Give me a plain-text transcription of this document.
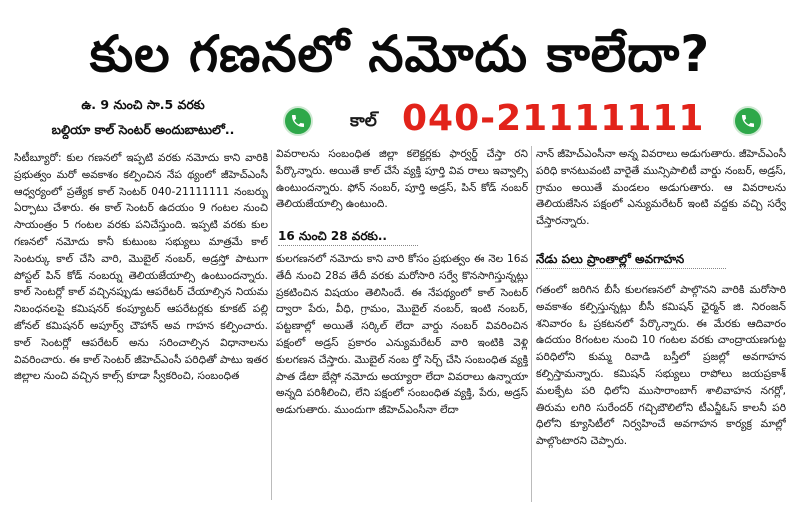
కుల గణనలో నమోదు కాలేదా?
ఉ. 9 నుంచి సా.5 వరకు
బల్దియా కాల్ సెంటర్ అందుబాటులో..	కాల్ 040-21111111

సిటీబ్యూరో: కుల గణనలో ఇప్పటి వరకు నమోదు కాని వారికి ప్రభుత్వం మరో అవకాశం కల్పించిన నేప థ్యంలో జీహెచ్ఎంసీ ఆధ్వర్యంలో ప్రత్యేక కాల్ సెంటర్ 040-21111111 నంబర్ను ఏర్పాటు చేశారు. ఈ కాల్ సెంటర్ ఉదయం 9 గంటల నుంచి సాయంత్రం 5 గంటల వరకు పనిచేస్తుంది. ఇప్పటి వరకు కుల గణనలో నమోదు కానీ కుటుంబ సభ్యులు మాత్రమే కాల్ సెంటర్కు కాల్ చేసి వారి, మొబైల్ నంబర్, అడ్రస్తో పాటుగా పోస్టల్ పిన్ కోడ్ నంబర్ను తెలియజేయాల్సి ఉంటుందన్నారు. కాల్ సెంటర్లో కాల్ వచ్చినప్పుడు ఆపరేటర్ చేయాల్సిన నియమ నిబంధనలపై కమిషనర్ కంప్యూటర్ ఆపరేటర్లకు కూకట్ పల్లి జోనల్ కమిషనర్ అపూర్వ్ చౌహాన్ అవ గాహన కల్పించారు. కాల్ సెంటర్లో ఆపరేటర్ అను సరించాల్సిన విధానాలను వివరించారు. ఈ కాల్ సెంటర్ జీహెచ్ఎంసీ పరిధితో పాటు ఇతర జిల్లాల నుంచి వచ్చిన కాల్స్ కూడా స్వీకరించి, సంబంధిత

వివరాలను సంబంధిత జిల్లా కలెక్టర్లకు ఫార్వర్డ్ చేస్తా రని పేర్కొన్నారు. అయితే కాల్ చేసే వ్యక్తి పూర్తి వివ రాలు ఇవ్వాల్సి ఉంటుందన్నారు. ఫోన్ నంబర్, పూర్తి అడ్రస్, పిన్ కోడ్ నంబర్ తెలియజేయాల్సి ఉంటుంది.

16 నుంచి 28 వరకు..

కులగణనలో నమోదు కాని వారి కోసం ప్రభుత్వం ఈ నెల 16వ తేదీ నుంచి 28వ తేదీ వరకు మరోసారి సర్వే కొనసాగిస్తున్నట్లు ప్రకటించిన విషయం తెలిసిందే. ఈ నేపథ్యంలో కాల్ సెంటర్ ద్వారా పేరు, వీధి, గ్రామం, మొబైల్ నంబర్, ఇంటి నంబర్, పట్టణాల్లో అయితే సర్కిల్ లేదా వార్డు నంబర్ వివరించిన పక్షంలో అడ్రస్ ప్రకారం ఎన్యుమరేటర్ వారి ఇంటికి వెళ్లి కులగణన చేస్తారు. మొబైల్ నంబ ర్తో సెర్చ్ చేసి సంబంధిత వ్యక్తి పాత డేటా బేస్లో నమోదు అయ్యారా లేదా వివరాలు ఉన్నాయా అన్నది పరిశీలించి, లేని పక్షంలో సంబంధిత వ్యక్తి, పేరు, అడ్రస్ అడుగుతారు. ముందుగా జీహెచ్ఎంసీనా లేదా

నాన్ జీహెచ్ఎంసీనా అన్న వివరాలు అడుగుతారు. జీహెచ్ఎంసీ పరిధి కానటువంటి వారైతే మున్సిపాలిటీ వార్డు నంబర్, అడ్రస్, గ్రామం అయితే మండలం అడుగుతారు. ఆ వివరాలను తెలియజేసిన పక్షంలో ఎన్యుమరేటర్ ఇంటి వద్దకు వచ్చి సర్వే చేస్తారన్నారు.

నేడు పలు ప్రాంతాల్లో అవగాహన

గతంలో జరిగిన బీసీ కులగణనలో పాల్గొనని వారికి మరోసారి అవకాశం కల్పిస్తున్నట్లు బీసీ కమిషన్ ఛైర్మన్ జి. నిరంజన్ శనివారం ఓ ప్రకటనలో పేర్కొన్నారు. ఈ మేరకు ఆదివారం ఉదయం 8గంటల నుంచి 10 గంటల వరకు చాంద్రాయణగుట్ట పరిధిలోని కుమ్మ రివాడి బస్తీలో ప్రజల్లో అవగాహన కల్పిస్తామన్నారు. కమిషన్ సభ్యులు రాపోలు జయప్రకాశ్ మలక్పేట పరి ధిలోని ముసారాంబాగ్ శాలివాహన నగర్లో, తిరుమ లగిరి సురేందర్ గచ్చిబౌలిలోని టీఎన్జీఓస్ కాలనీ పరి ధిలోని క్యూసిటీలో నిర్వహించే అవగాహన కార్యక్ర మాల్లో పాల్గొంటారని చెప్పారు.
